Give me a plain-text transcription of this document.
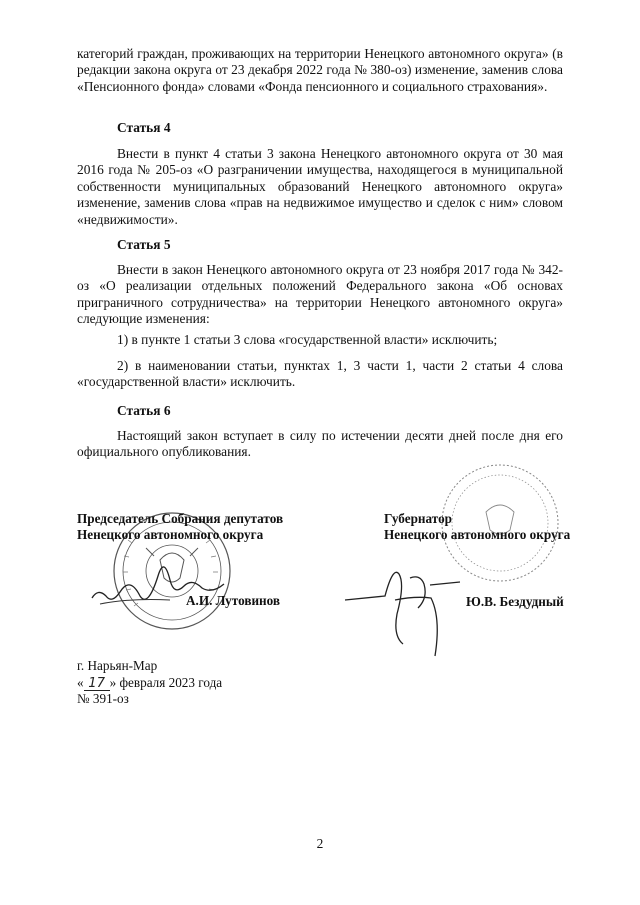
категорий граждан, проживающих на территории Ненецкого автономного округа» (в редакции закона округа от 23 декабря 2022 года № 380-оз) изменение, заменив слова «Пенсионного фонда» словами «Фонда пенсионного и социального страхования».
Статья 4
Внести в пункт 4 статьи 3 закона Ненецкого автономного округа от 30 мая 2016 года № 205-оз «О разграничении имущества, находящегося в муниципальной собственности муниципальных образований Ненецкого автономного округа» изменение, заменив слова «прав на недвижимое имущество и сделок с ним» словом «недвижимости».
Статья 5
Внести в закон Ненецкого автономного округа от 23 ноября 2017 года № 342-оз «О реализации отдельных положений Федерального закона «Об основах приграничного сотрудничества» на территории Ненецкого автономного округа» следующие изменения:
1) в пункте 1 статьи 3 слова «государственной власти» исключить;
2) в наименовании статьи, пунктах 1, 3 части 1, части 2 статьи 4 слова «государственной власти» исключить.
Статья 6
Настоящий закон вступает в силу по истечении десяти дней после дня его официального опубликования.
Председатель Собрания депутатов
Ненецкого автономного округа
А.И. Лутовинов
Губернатор
Ненецкого автономного округа
Ю.В. Бездудный
г. Нарьян-Мар
« 17 » февраля 2023 года
№ 391-оз
2
